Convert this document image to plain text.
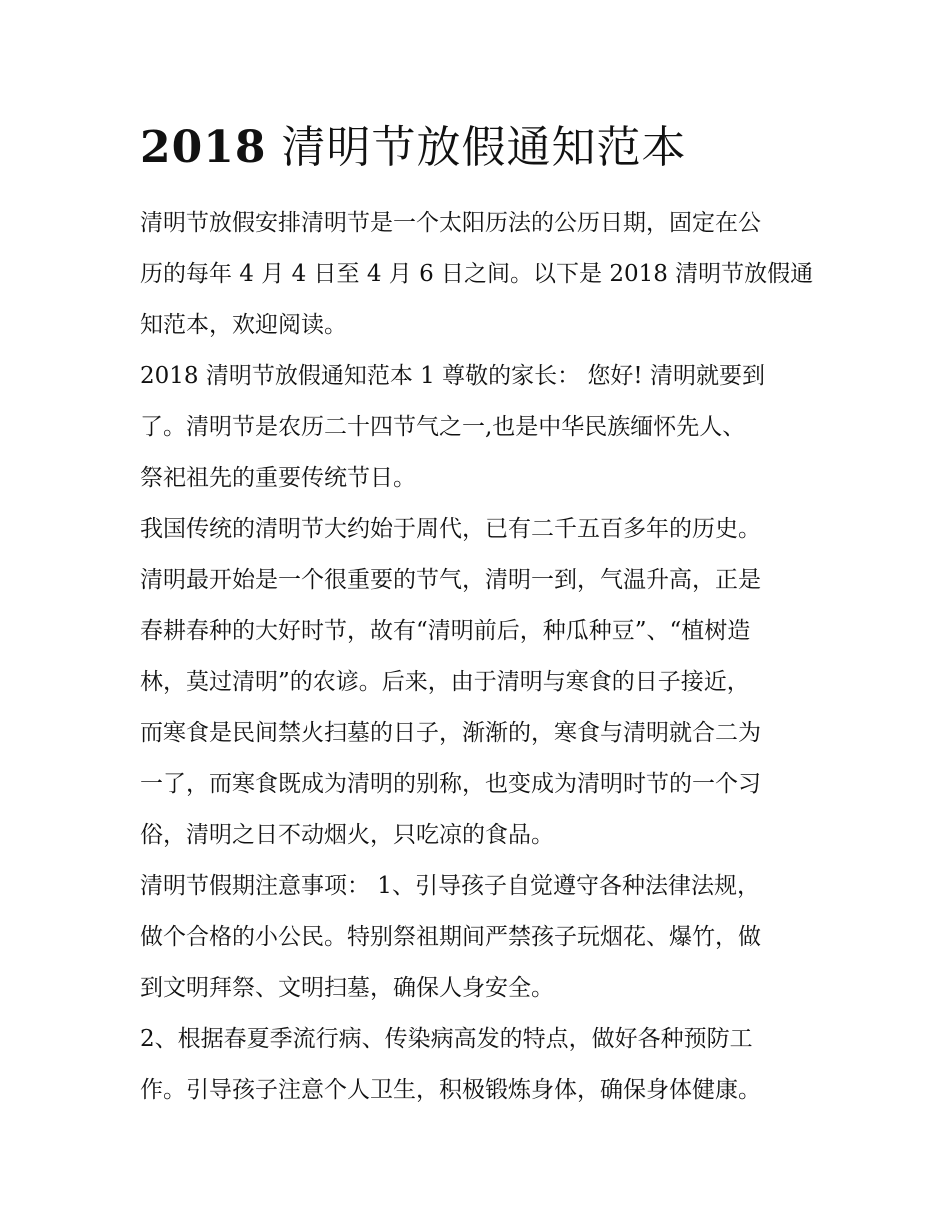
2018 清明节放假通知范本
清明节放假安排清明节是一个太阳历法的公历日期，固定在公
历的每年 4 月 4 日至 4 月 6 日之间。以下是 2018 清明节放假通
知范本，欢迎阅读。
2018 清明节放假通知范本 1 尊敬的家长： 您好! 清明就要到
了。清明节是农历二十四节气之一,也是中华民族缅怀先人、
祭祀祖先的重要传统节日。
我国传统的清明节大约始于周代，已有二千五百多年的历史。
清明最开始是一个很重要的节气，清明一到，气温升高，正是
春耕春种的大好时节，故有“清明前后，种瓜种豆”、“植树造
林，莫过清明”的农谚。后来，由于清明与寒食的日子接近，
而寒食是民间禁火扫墓的日子，渐渐的，寒食与清明就合二为
一了，而寒食既成为清明的别称，也变成为清明时节的一个习
俗，清明之日不动烟火，只吃凉的食品。
清明节假期注意事项： 1、引导孩子自觉遵守各种法律法规，
做个合格的小公民。特别祭祖期间严禁孩子玩烟花、爆竹，做
到文明拜祭、文明扫墓，确保人身安全。
2、根据春夏季流行病、传染病高发的特点，做好各种预防工
作。引导孩子注意个人卫生，积极锻炼身体，确保身体健康。
